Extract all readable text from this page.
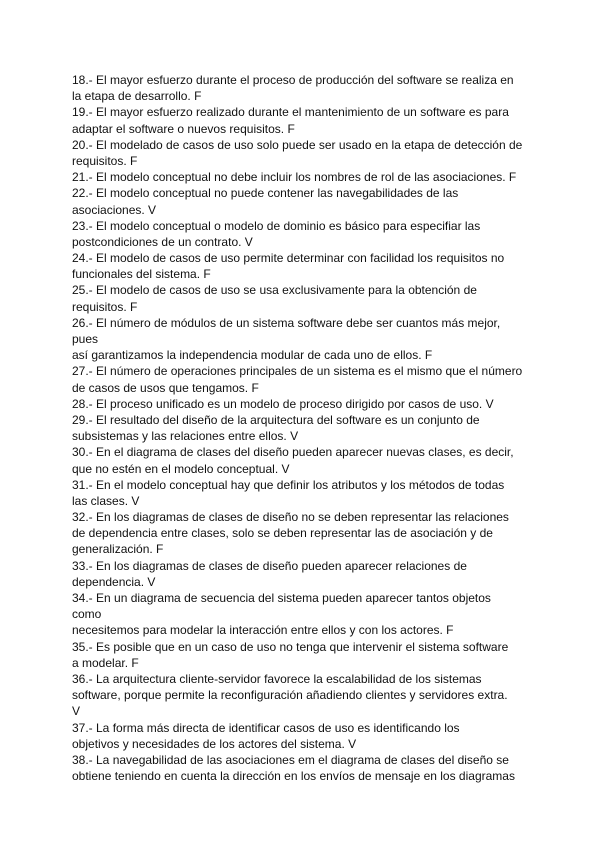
18.- El mayor esfuerzo durante el proceso de producción del software se realiza en
la etapa de desarrollo. F
19.- El mayor esfuerzo realizado durante el mantenimiento de un software es para
adaptar el software o nuevos requisitos. F
20.- El modelado de casos de uso solo puede ser usado en la etapa de detección de
requisitos. F
21.- El modelo conceptual no debe incluir los nombres de rol de las asociaciones. F
22.- El modelo conceptual no puede contener las navegabilidades de las
asociaciones. V
23.- El modelo conceptual o modelo de dominio es básico para especifiar las
postcondiciones de un contrato. V
24.- El modelo de casos de uso permite determinar con facilidad los requisitos no
funcionales del sistema. F
25.- El modelo de casos de uso se usa exclusivamente para la obtención de
requisitos. F
26.- El número de módulos de un sistema software debe ser cuantos más mejor,
pues
así garantizamos la independencia modular de cada uno de ellos. F
27.- El número de operaciones principales de un sistema es el mismo que el número
de casos de usos que tengamos. F
28.- El proceso unificado es un modelo de proceso dirigido por casos de uso. V
29.- El resultado del diseño de la arquitectura del software es un conjunto de
subsistemas y las relaciones entre ellos. V
30.- En el diagrama de clases del diseño pueden aparecer nuevas clases, es decir,
que no estén en el modelo conceptual. V
31.- En el modelo conceptual hay que definir los atributos y los métodos de todas
las clases. V
32.- En los diagramas de clases de diseño no se deben representar las relaciones
de dependencia entre clases, solo se deben representar las de asociación y de
generalización. F
33.- En los diagramas de clases de diseño pueden aparecer relaciones de
dependencia. V
34.- En un diagrama de secuencia del sistema pueden aparecer tantos objetos
como
necesitemos para modelar la interacción entre ellos y con los actores. F
35.- Es posible que en un caso de uso no tenga que intervenir el sistema software
a modelar. F
36.- La arquitectura cliente-servidor favorece la escalabilidad de los sistemas
software, porque permite la reconfiguración añadiendo clientes y servidores extra.
V
37.- La forma más directa de identificar casos de uso es identificando los
objetivos y necesidades de los actores del sistema. V
38.- La navegabilidad de las asociaciones em el diagrama de clases del diseño se
obtiene teniendo en cuenta la dirección en los envíos de mensaje en los diagramas
